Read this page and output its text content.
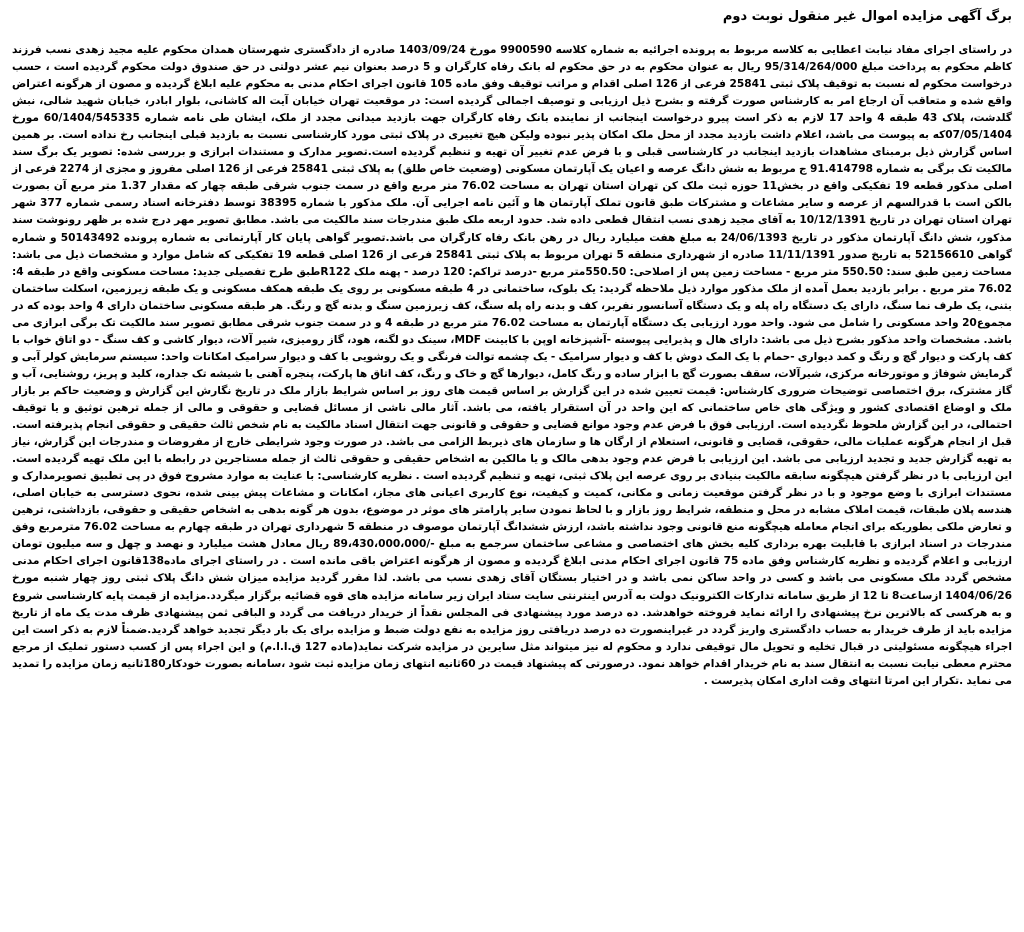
برگ آگهی مزایده اموال غیر منقول نوبت دوم

در راستای اجرای مفاد نیابت اعطایی به کلاسه مربوط به پرونده اجرائیه به شماره کلاسه 9900590 مورخ 1403/09/24 صادره از دادگستری شهرستان همدان محکوم علیه مجید زهدی نسب فرزند کاظم محکوم به پرداخت مبلغ 95/314/264/000 ریال به عنوان محکوم به در حق محکوم له بانک رفاه کارگران و 5 درصد بعنوان نیم عشر دولتی در حق صندوق دولت محکوم گردیده است ، حسب درخواست محکوم له نسبت به توقیف پلاک ثبتی 25841 فرعی از 126 اصلی اقدام و مراتب توقیف وفق ماده 105 قانون اجرای احکام مدنی به محکوم علیه ابلاغ گردیده و مصون از هرگونه اعتراض واقع شده و متعاقب آن ارجاع امر به کارشناس صورت گرفته و بشرح ذیل ارزیابی و توصیف اجمالی گردیده است: در موقعیت تهران خیابان آیت اله کاشانی، بلوار ابادر، خیابان شهید شالی، نبش گلدشت، پلاک 43 طبقه 4 واحد 17 لازم به ذکر است پیرو درخواست اینجانب از نماینده بانک رفاه کارگران جهت بازدید میدانی مجدد از ملک، ایشان طی نامه شماره 60/1404/545335 مورخ 07/05/1404که به پیوست می باشد، اعلام داشت بازدید مجدد از محل ملک امکان پذیر نبوده ولیکن هیچ تغییری در پلاک ثبتی مورد کارشناسی نسبت به بازدید قبلی اینجانب رخ نداده است. بر همین اساس گزارش ذیل برمبنای مشاهدات بازدید اینجانب در کارشناسی قبلی و با فرض عدم تغییر آن تهیه و تنظیم گردیده است.تصویر مدارک و مستندات ابرازی و بررسی شده: تصویر یک برگ سند مالکیت تک برگی به شماره 91.414798 ج مربوط به شش دانگ عرصه و اعیان یک آپارتمان مسکونی (وضعیت خاص طلق) به پلاک ثبتی 25841 فرعی از 126 اصلی مفروز و مجزی از 2274 فرعی از اصلی مذکور قطعه 19 تفکیکی واقع در بخش11 حوزه ثبت ملک کن تهران استان تهران به مساحت 76.02 متر مربع واقع در سمت جنوب شرقی طبقه چهار که مقدار 1.37 متر مربع آن بصورت بالکن است با قدرالسهم از عرصه و سایر مشاعات و مشترکات طبق قانون تملک آپارتمان ها و آئین نامه اجرایی آن. ملک مذکور با شماره 38395 توسط دفترخانه اسناد رسمی شماره 377 شهر تهران استان تهران در تاریخ 10/12/1391 به آقای مجید زهدی نسب انتقال قطعی داده شد. حدود اربعه ملک طبق مندرجات سند مالکیت می باشد. مطابق تصویر مهر درج شده بر ظهر رونوشت سند مذکور، شش دانگ آپارتمان مذکور در تاریخ 24/06/1393 به مبلغ هفت میلیارد ریال در رهن بانک رفاه کارگران می باشد.تصویر گواهی پایان کار آپارتمانی به شماره پرونده 50143492 و شماره گواهی 52156610 به تاریخ صدور 11/11/1391 صادره از شهرداری منطقه 5 تهران مربوط به پلاک ثبتی 25841 فرعی از 126 اصلی قطعه 19 تفکیکی که شامل موارد و مشخصات ذیل می باشد: مساحت زمین طبق سند: 550.50 متر مربع - مساحت زمین پس از اصلاحی: 550.50متر مربع -درصد تراکم: 120 درصد - پهنه ملک R122طبق طرح تفصیلی جدید: مساحت مسکونی واقع در طبقه 4: 76.02 متر مربع . برابر بازدید بعمل آمده از ملک مذکور موارد ذیل ملاحظه گردید: یک بلوک، ساختمانی در 4 طبقه مسکونی بر روی یک طبقه همکف مسکونی و یک طبقه زیرزمین، اسکلت ساختمان بتنی، یک طرف نما سنگ، دارای یک دستگاه راه پله و یک دستگاه آسانسور نفربر، کف و بدنه راه پله سنگ، کف زیرزمین سنگ و بدنه گچ و رنگ. هر طبقه مسکونی ساختمان دارای 4 واحد بوده که در مجموع20 واحد مسکونی را شامل می شود. واحد مورد ارزیابی یک دستگاه آپارتمان به مساحت 76.02 متر مربع در طبقه 4 و در سمت جنوب شرقی مطابق تصویر سند مالکیت تک برگی ابرازی می باشد. مشخصات واحد مذکور بشرح ذیل می باشد: دارای هال و پذیرایی پیوسته -آشپزخانه اوپن با کابینت MDF، سینک دو لگنه، هود، گاز رومیزی، شیر آلات، دیوار کاشی و کف سنگ - دو اتاق خواب با کف پارکت و دیوار گچ و رنگ و کمد دیواری -حمام با یک المک دوش با کف و دیوار سرامیک - یک چشمه توالت فرنگی و یک روشویی با کف و دیوار سرامیک امکانات واحد: سیستم سرمایش کولر آبی و گرمایش شوفاژ و موتورخانه مرکزی، شیرآلات، سقف بصورت گچ با ابزار ساده و رنگ کامل، دیوارها گچ و خاک و رنگ، کف اتاق ها پارکت، پنجره آهنی با شیشه تک جداره، کلید و پریز، روشنایی، آب و گاز مشترک، برق اختصاصی توضیحات ضروری کارشناس: قیمت تعیین شده در این گزارش بر اساس قیمت های روز بر اساس شرایط بازار ملک در تاریخ نگارش این گزارش و وضعیت حاکم بر بازار ملک و اوضاع اقتصادی کشور و ویژگی های خاص ساختمانی که این واحد در آن استقرار یافته، می باشد. آثار مالی ناشی از مسائل قضایی و حقوقی و مالی از جمله ترهین توثیق و یا توقیف احتمالی، در این گزارش ملحوظ نگردیده است. ارزیابی فوق با فرض عدم وجود موانع قضایی و حقوقی و قانونی جهت انتقال اسناد مالکیت به نام شخص ثالث حقیقی و حقوقی انجام پذیرفته است. قبل از انجام هرگونه عملیات مالی، حقوقی، قضایی و قانونی، استعلام از ارگان ها و سازمان های ذیربط الزامی می باشد. در صورت وجود شرایطی خارج از مفروضات و مندرجات این گزارش، نیاز به تهیه گزارش جدید و تجدید ارزیابی می باشد. این ارزیابی با فرض عدم وجود بدهی مالک و یا مالکین به اشخاص حقیقی و حقوقی ثالث از جمله مستاجرین در رابطه با این ملک تهیه گردیده است. این ارزیابی با در نظر گرفتن هیچگونه سابقه مالکیت بنیادی بر روی عرصه این پلاک ثبتی، تهیه و تنظیم گردیده است . نظریه کارشناسی: با عنایت به موارد مشروح فوق در پی تطبیق تصویرمدارک و مستندات ابرازی با وضع موجود و با در نظر گرفتن موقعیت زمانی و مکانی، کمیت و کیفیت، نوع کاربری اعیانی های مجاز، امکانات و مشاعات پیش بینی شده، نحوی دسترسی به خیابان اصلی، هندسه پلان طبقات، قیمت املاک مشابه در محل و منطقه، شرایط روز بازار و با لحاظ نمودن سایر پارامتر های موثر در موضوع، بدون هر گونه بدهی به اشخاص حقیقی و حقوقی، بازداشتی، ترهین و تعارض ملکی بطوریکه برای انجام معامله هیچگونه منع قانونی وجود نداشته باشد، ارزش ششدانگ آپارتمان موصوف در منطقه 5 شهرداری تهران در طبقه چهارم به مساحت 76.02 مترمربع وفق مندرجات در اسناد ابرازی با قابلیت بهره برداری کلیه بخش های اختصاصی و مشاعی ساختمان سرجمع به مبلغ -/89،430،000،000 ریال معادل هشت میلیارد و نهصد و چهل و سه میلیون تومان ارزیابی و اعلام گردیده و نظریه کارشناس وفق ماده 75 قانون اجرای احکام مدنی ابلاغ گردیده و مصون از هرگونه اعتراض باقی مانده است . در راستای اجرای ماده138قانون اجرای احکام مدنی مشخص گردد ملک مسکونی می باشد و کسی در واحد ساکن نمی باشد و در اختیار بستگان آقای زهدی نسب می باشد. لذا مقرر گردید مزایده میزان شش دانگ پلاک ثبتی روز چهار شنبه مورخ 1404/06/26 ازساعت8 تا 12 از طریق سامانه تدارکات الکترونیک دولت به آدرس اینترنتی سایت ستاد ایران زیر سامانه مزایده های قوه قضائیه برگزار میگردد.مزایده از قیمت پایه کارشناسی شروع و به هرکسی که بالاترین نرخ پیشنهادی را ارائه نماید فروخته خواهدشد. ده درصد مورد پیشنهادی فی المجلس نقداً از خریدار دریافت می گردد و الباقی ثمن پیشنهادی ظرف مدت یک ماه از تاریخ مزایده باید از طرف خریدار به حساب دادگستری واریز گردد در غیراینصورت ده درصد دریافتی روز مزایده به نفع دولت ضبط و مزایده برای یک بار دیگر تجدید خواهد گردید.ضمناً لازم به ذکر است این اجراء هیچگونه مسئولیتی در قبال تخلیه و تحویل مال توقیفی ندارد و محکوم له نیز میتواند مثل سایرین در مزایده شرکت نماید(ماده 127 ق.ا.ا.م) و این اجراء پس از کسب دستور تملیک از مرجع محترم معطی نیابت نسبت به انتقال سند به نام خریدار اقدام خواهد نمود. درصورتی که پیشنهاد قیمت در 60ثانیه انتهای زمان مزایده ثبت شود ،سامانه بصورت خودکار180ثانیه زمان مزایده را تمدید می نماید .تکرار این امرتا انتهای وقت اداری امکان پذیرست .
